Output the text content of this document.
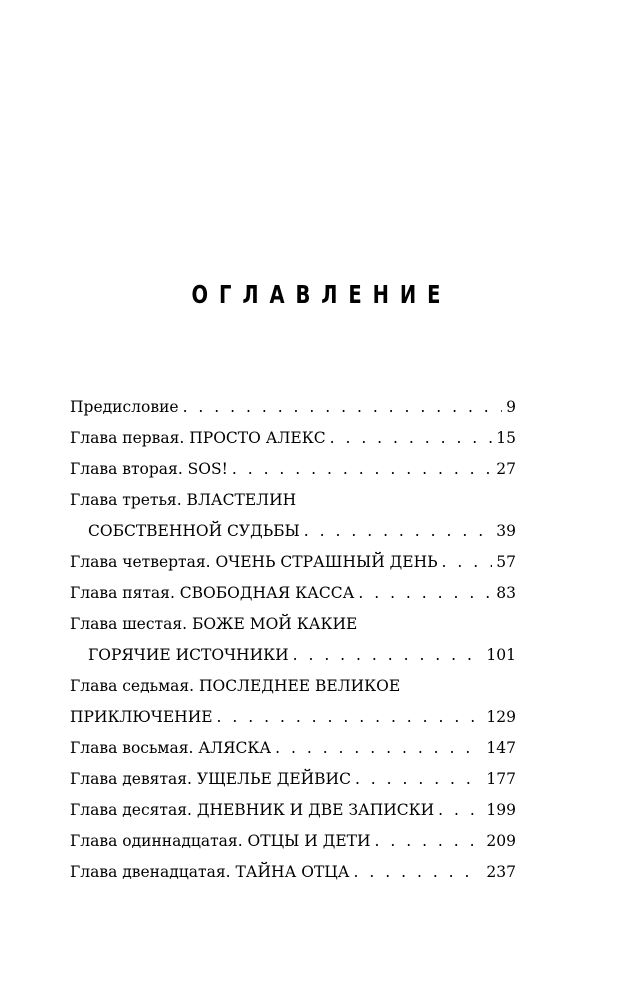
ОГЛАВЛЕНИЕ
Предисловие . . .	9
Глава первая. ПРОСТО АЛЕКС . . .	15
Глава вторая. SOS! . . .	27
Глава третья. ВЛАСТЕЛИН
СОБСТВЕННОЙ СУДЬБЫ . . .	39
Глава четвертая. ОЧЕНЬ СТРАШНЫЙ ДЕНЬ . . .	57
Глава пятая. СВОБОДНАЯ КАССА . . .	83
Глава шестая. БОЖЕ МОЙ КАКИЕ
ГОРЯЧИЕ ИСТОЧНИКИ . . .	101
Глава седьмая. ПОСЛЕДНЕЕ ВЕЛИКОЕ
ПРИКЛЮЧЕНИЕ . . .	129
Глава восьмая. АЛЯСКА . . .	147
Глава девятая. УЩЕЛЬЕ ДЕЙВИС . . .	177
Глава десятая. ДНЕВНИК И ДВЕ ЗАПИСКИ . . .	199
Глава одиннадцатая. ОТЦЫ И ДЕТИ . . .	209
Глава двенадцатая. ТАЙНА ОТЦА . . .	237
